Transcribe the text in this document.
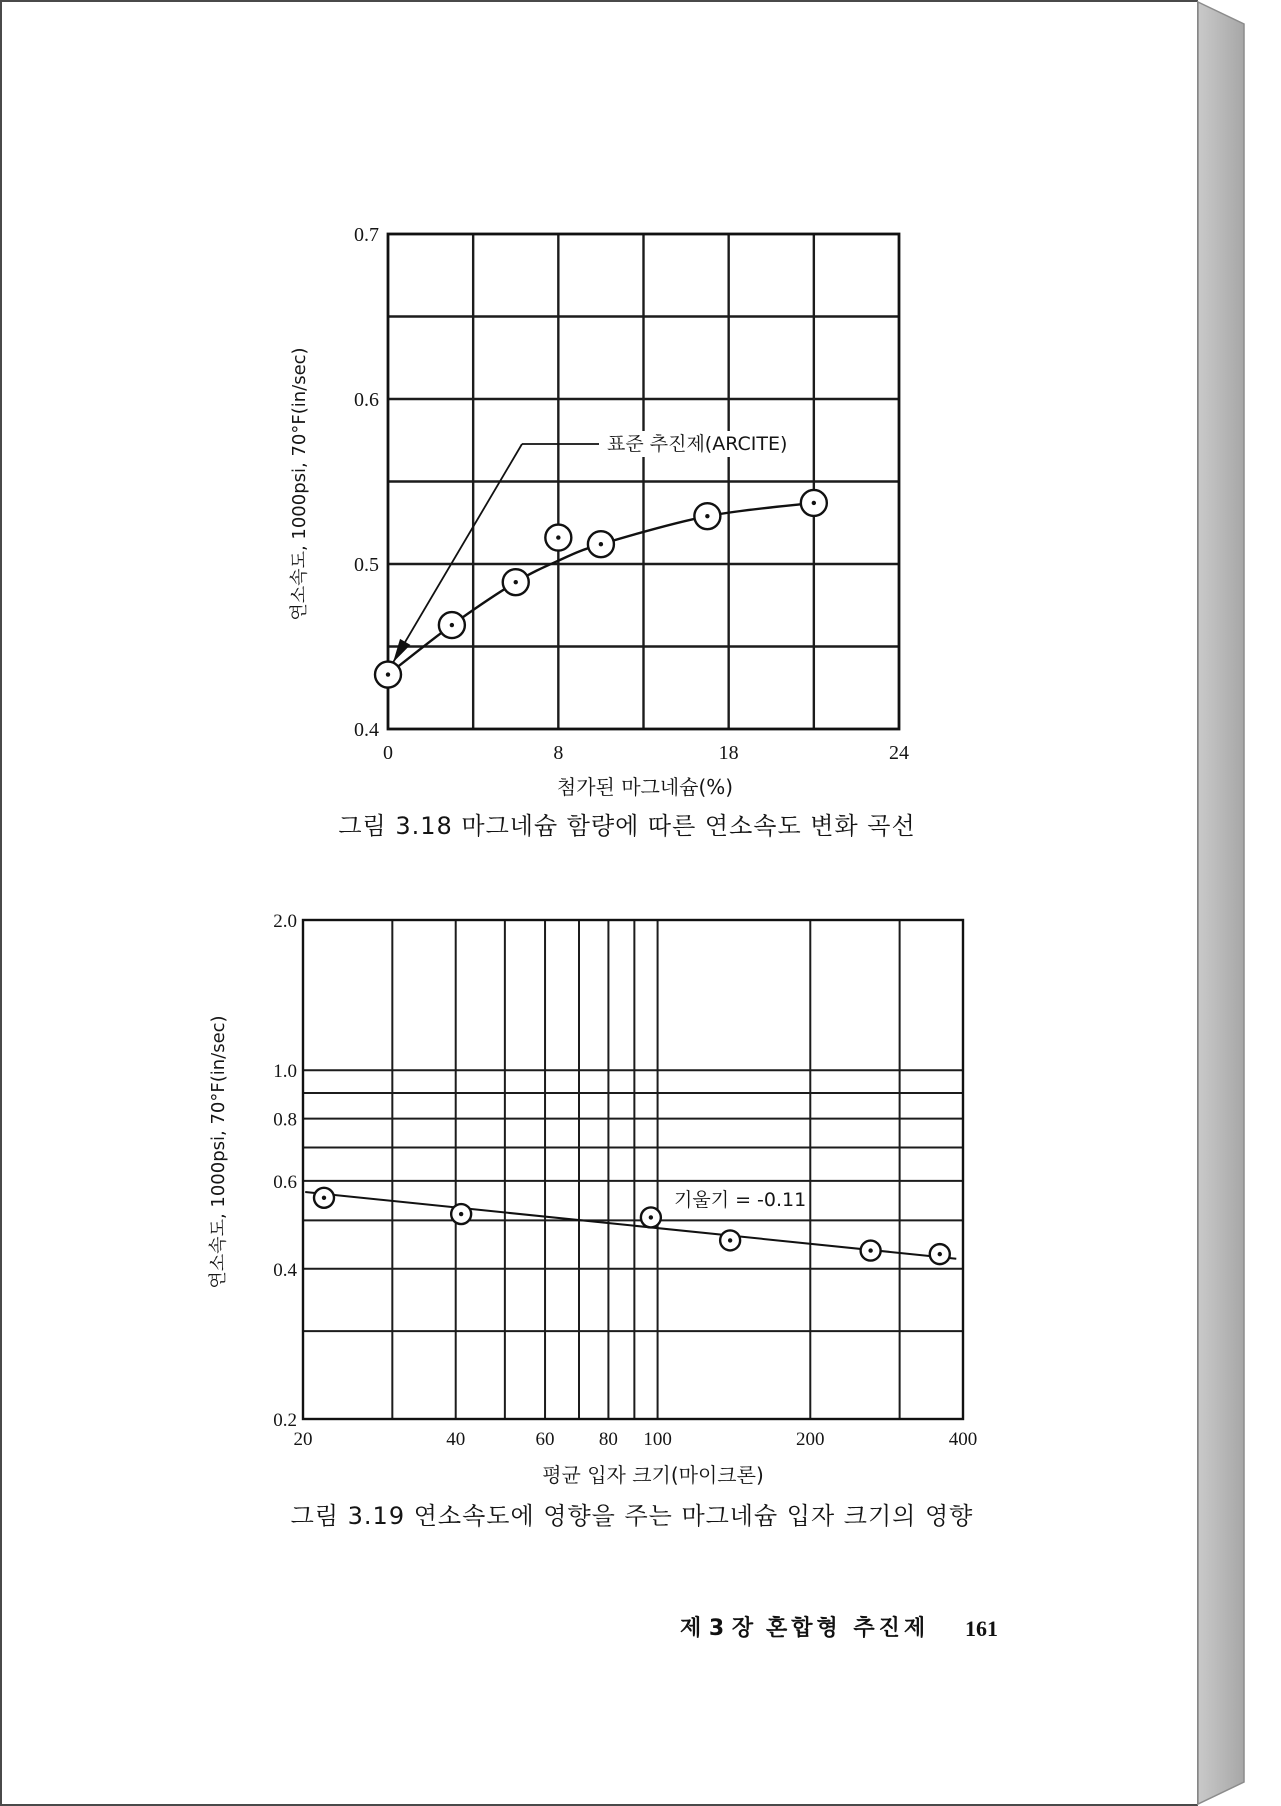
0.7
0.6
0.5
0.4
0	8	18	24
표준 추진제(ARCITE)
첨가된 마그네슘(%)
연소속도, 1000psi, 70°F(in/sec)
2.0
1.0
0.8
0.6
0.4
0.2
20	40	60 80 100	200	400
기울기 = -0.11
평균 입자 크기(마이크론)
연소속도, 1000psi, 70°F(in/sec)
그림 3.18 마그네슘 함량에 따른 연소속도 변화 곡선
그림 3.19 연소속도에 영향을 주는 마그네슘 입자 크기의 영향
제 3 장 혼합형 추진제 161
